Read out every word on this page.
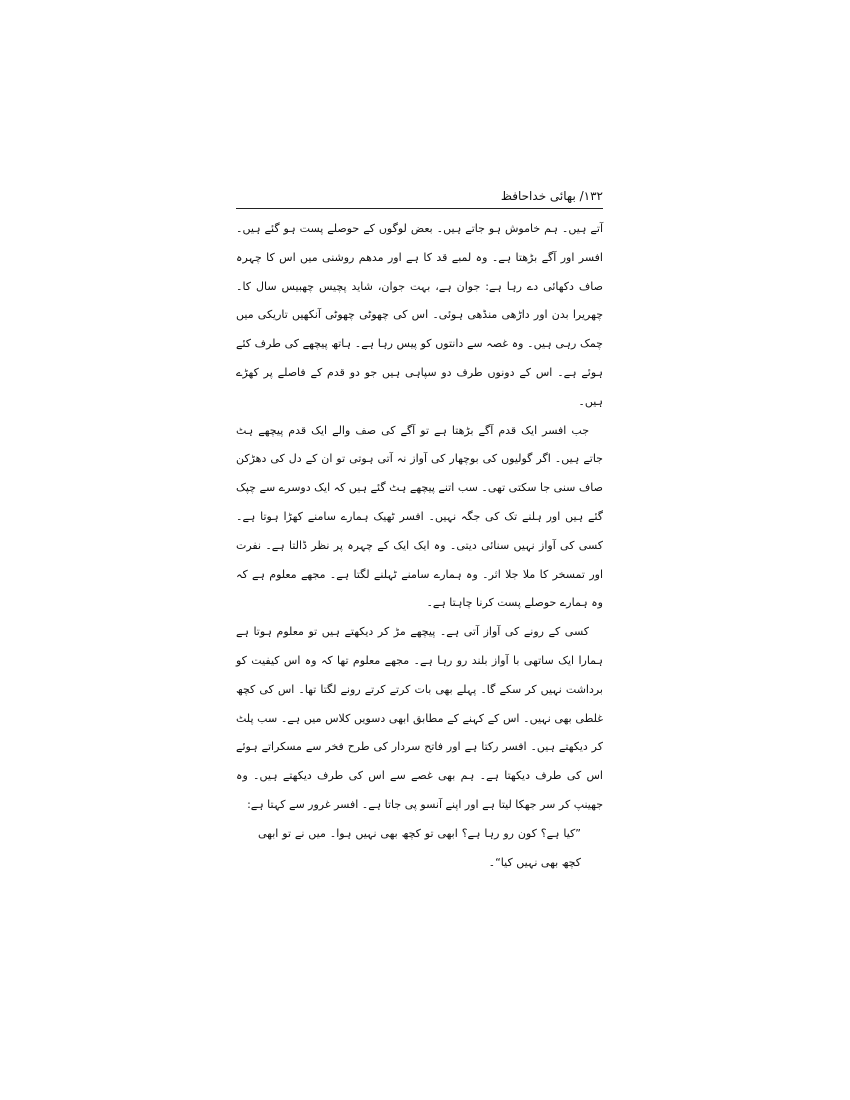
۱۳۲/ بھائی خداحافظ

آتے ہیں۔ ہم خاموش ہو جاتے ہیں۔ بعض لوگوں کے حوصلے پست ہو گئے ہیں۔ افسر اور آگے بڑھتا ہے۔ وہ لمبے قد کا ہے اور مدھم روشنی میں اس کا چہرہ صاف دکھائی دے رہا ہے: جوان ہے، بہت جوان، شاید پچیس چھبیس سال کا۔ چھریرا بدن اور داڑھی منڈھی ہوئی۔ اس کی چھوٹی چھوٹی آنکھیں تاریکی میں چمک رہی ہیں۔ وہ غصہ سے دانتوں کو پیس رہا ہے۔ ہاتھ پیچھے کی طرف کئے ہوئے ہے۔ اس کے دونوں طرف دو سپاہی ہیں جو دو قدم کے فاصلے پر کھڑے ہیں۔

جب افسر ایک قدم آگے بڑھتا ہے تو آگے کی صف والے ایک قدم پیچھے ہٹ جاتے ہیں۔ اگر گولیوں کی بوچھار کی آواز نہ آتی ہوتی تو ان کے دل کی دھڑکن صاف سنی جا سکتی تھی۔ سب اتنے پیچھے ہٹ گئے ہیں کہ ایک دوسرے سے چپک گئے ہیں اور ہلنے تک کی جگہ نہیں۔ افسر ٹھیک ہمارے سامنے کھڑا ہوتا ہے۔ کسی کی آواز نہیں سنائی دیتی۔ وہ ایک ایک کے چہرہ پر نظر ڈالتا ہے۔ نفرت اور تمسخر کا ملا جلا اثر۔ وہ ہمارے سامنے ٹہلنے لگتا ہے۔ مجھے معلوم ہے کہ وہ ہمارے حوصلے پست کرنا چاہتا ہے۔

کسی کے رونے کی آواز آتی ہے۔ پیچھے مڑ کر دیکھتے ہیں تو معلوم ہوتا ہے ہمارا ایک ساتھی با آواز بلند رو رہا ہے۔ مجھے معلوم تھا کہ وہ اس کیفیت کو برداشت نہیں کر سکے گا۔ پہلے بھی بات کرتے کرتے رونے لگتا تھا۔ اس کی کچھ غلطی بھی نہیں۔ اس کے کہنے کے مطابق ابھی دسویں کلاس میں ہے۔ سب پلٹ کر دیکھتے ہیں۔ افسر رکتا ہے اور فاتح سردار کی طرح فخر سے مسکراتے ہوئے اس کی طرف دیکھتا ہے۔ ہم بھی غصے سے اس کی طرف دیکھتے ہیں۔ وہ جھینپ کر سر جھکا لیتا ہے اور اپنے آنسو پی جاتا ہے۔ افسر غرور سے کہتا ہے:

”کیا ہے؟ کون رو رہا ہے؟ ابھی تو کچھ بھی نہیں ہوا۔ میں نے تو ابھی کچھ بھی نہیں کیا“۔
